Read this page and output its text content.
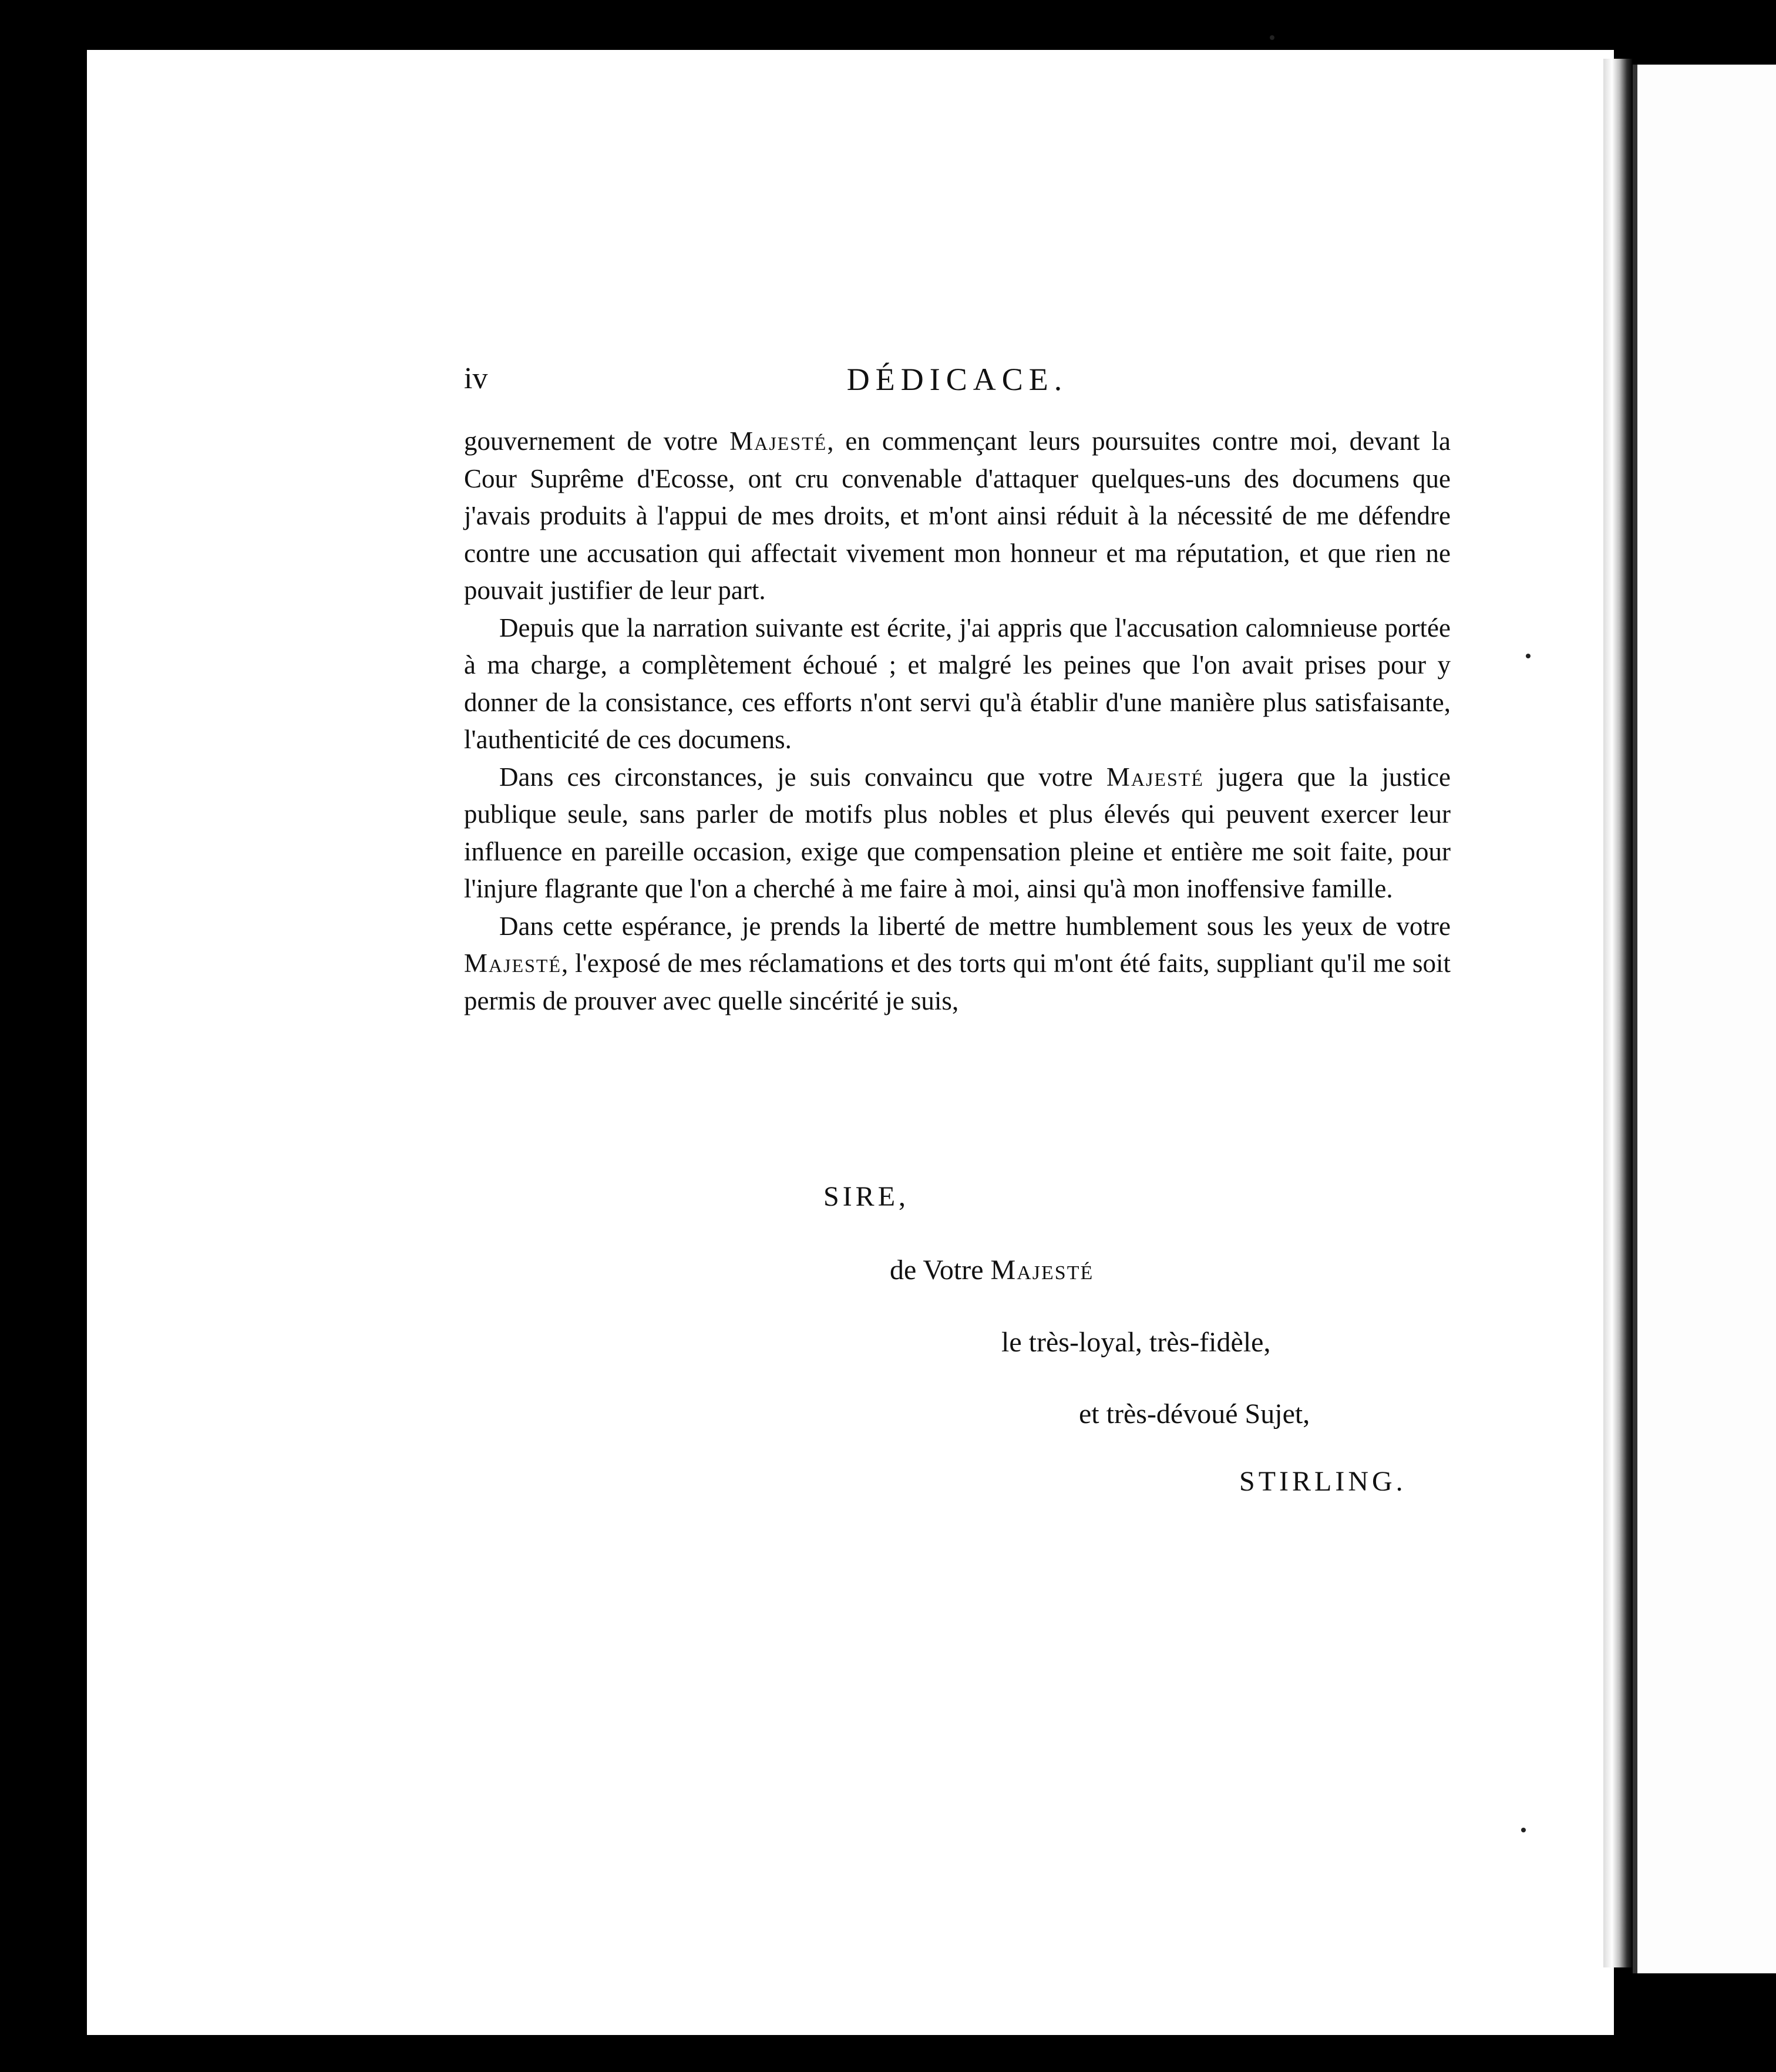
iv	DÉDICACE.

gouvernement de votre Majesté, en commençant leurs poursuites contre moi, devant la Cour Suprême d'Ecosse, ont cru convenable d'attaquer quelques-uns des documens que j'avais produits à l'appui de mes droits, et m'ont ainsi réduit à la nécessité de me défendre contre une accusation qui affectait vivement mon honneur et ma réputation, et que rien ne pouvait justifier de leur part.

Depuis que la narration suivante est écrite, j'ai appris que l'accusation calomnieuse portée à ma charge, a complètement échoué ; et malgré les peines que l'on avait prises pour y donner de la consistance, ces efforts n'ont servi qu'à établir d'une manière plus satisfaisante, l'authenticité de ces documens.

Dans ces circonstances, je suis convaincu que votre Majesté jugera que la justice publique seule, sans parler de motifs plus nobles et plus élevés qui peuvent exercer leur influence en pareille occasion, exige que compensation pleine et entière me soit faite, pour l'injure flagrante que l'on a cherché à me faire à moi, ainsi qu'à mon inoffensive famille.

Dans cette espérance, je prends la liberté de mettre humblement sous les yeux de votre Majesté, l'exposé de mes réclamations et des torts qui m'ont été faits, suppliant qu'il me soit permis de prouver avec quelle sincérité je suis,

SIRE,
de Votre Majesté
le très-loyal, très-fidèle,
et très-dévoué Sujet,
STIRLING.
